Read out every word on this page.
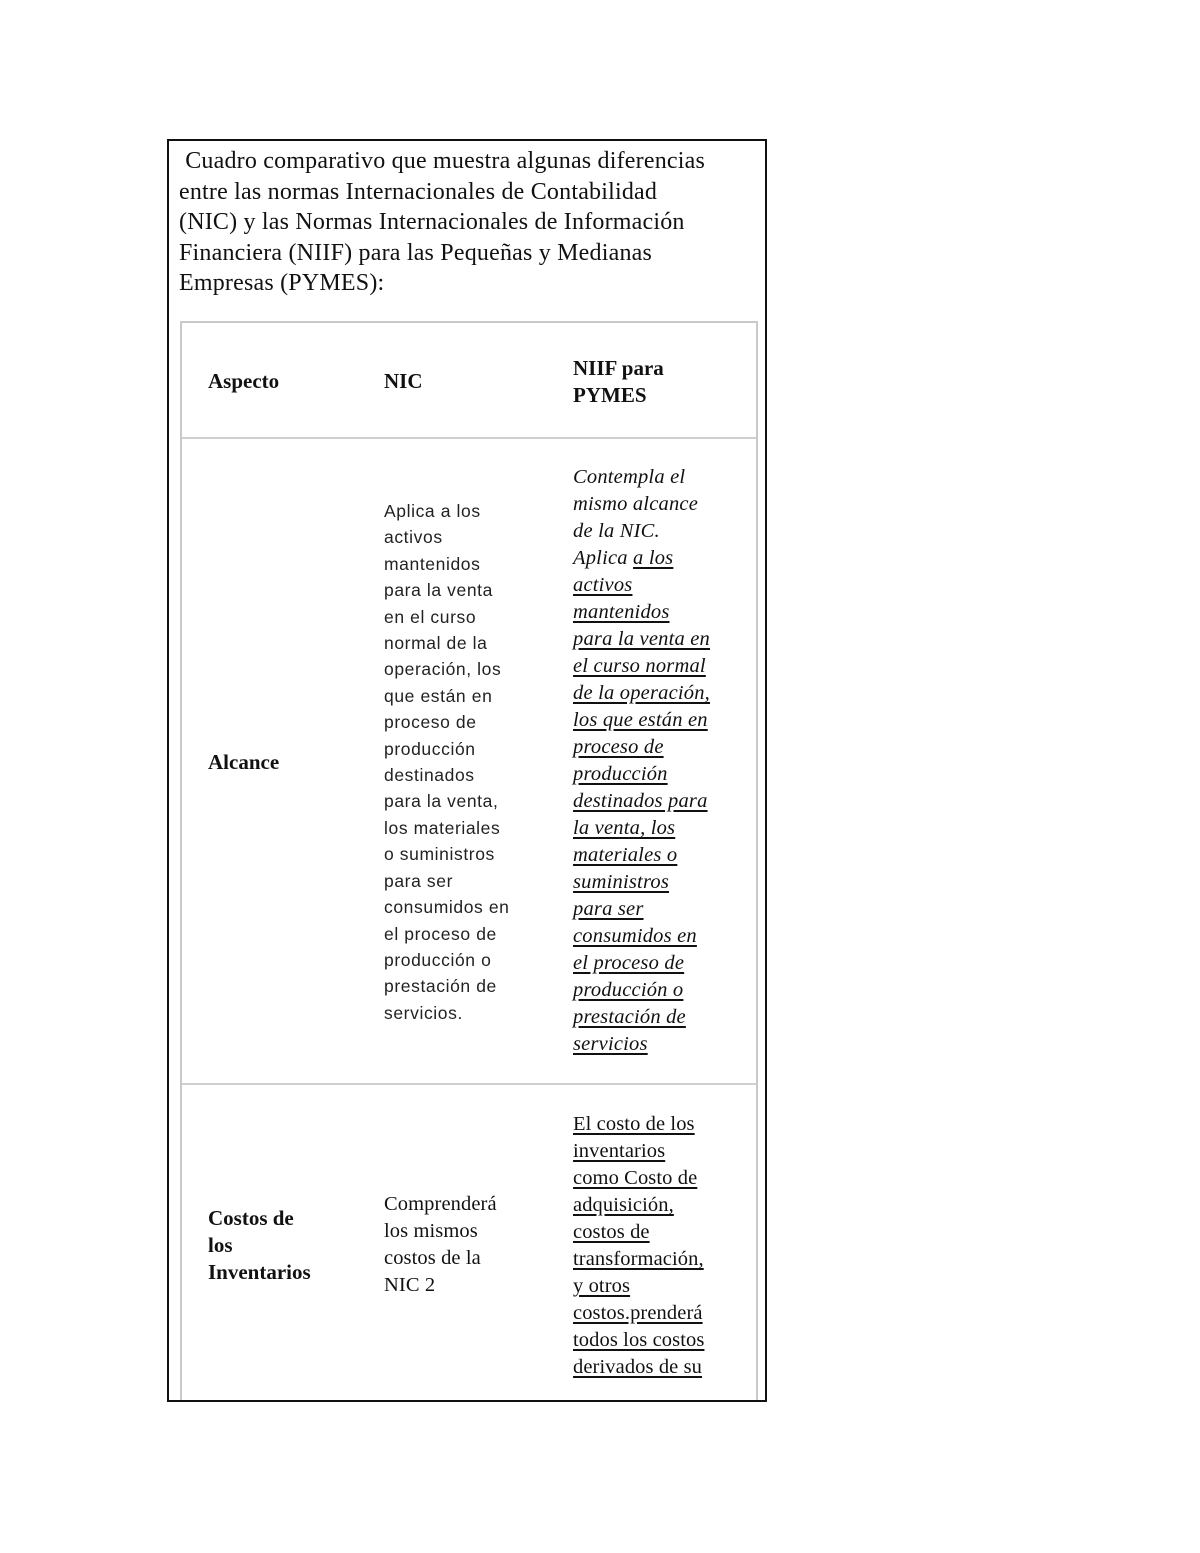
Cuadro comparativo que muestra algunas diferencias
entre las normas Internacionales de Contabilidad
(NIC) y las Normas Internacionales de Información
Financiera (NIIF) para las Pequeñas y Medianas
Empresas (PYMES):
Aspecto	NIC
NIIF para
PYMES
Alcance
Aplica a los
activos
mantenidos
para la venta
en el curso
normal de la
operación, los
que están en
proceso de
producción
destinados
para la venta,
los materiales
o suministros
para ser
consumidos en
el proceso de
producción o
prestación de
servicios.
Contempla el
mismo alcance
de la NIC.
Aplica a los
activos
mantenidos
para la venta en
el curso normal
de la operación,
los que están en
proceso de
producción
destinados para
la venta, los
materiales o
suministros
para ser
consumidos en
el proceso de
producción o
prestación de
servicios
Costos de
los
Inventarios
Comprenderá
los mismos
costos de la
NIC 2
El costo de los
inventarios
como Costo de
adquisición,
costos de
transformación,
y otros
costos.prenderá
todos los costos
derivados de su
